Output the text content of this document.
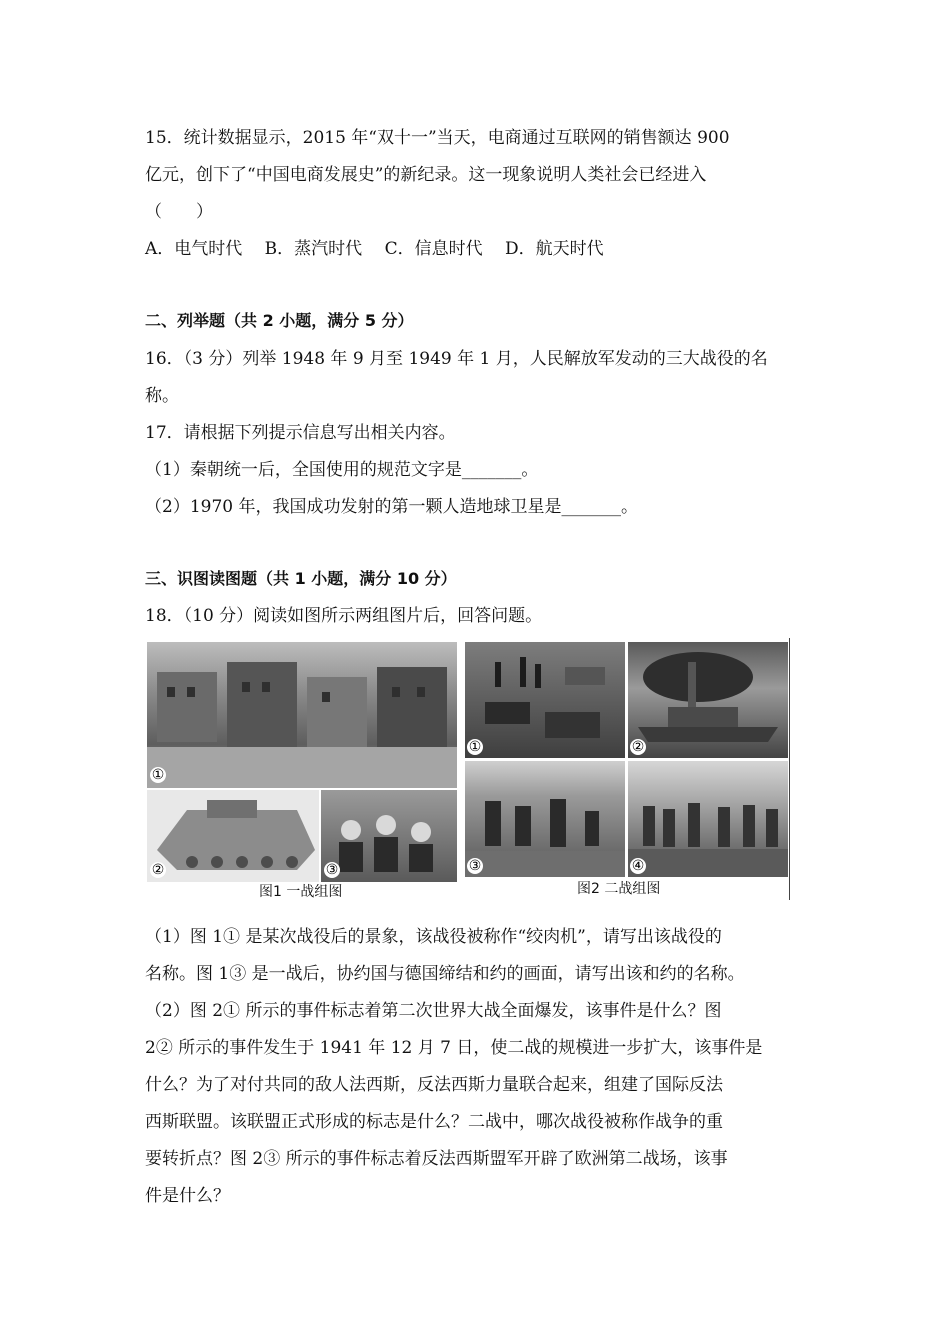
15．统计数据显示，2015 年“双十一”当天，电商通过互联网的销售额达 900
亿元，创下了“中国电商发展史”的新纪录。这一现象说明人类社会已经进入
（　　）
A．电气时代　 B．蒸汽时代　 C．信息时代　 D．航天时代
二、列举题（共 2 小题，满分 5 分）
16．（3 分）列举 1948 年 9 月至 1949 年 1 月，人民解放军发动的三大战役的名
称。
17．请根据下列提示信息写出相关内容。
（1）秦朝统一后，全国使用的规范文字是_______。
（2）1970 年，我国成功发射的第一颗人造地球卫星是_______。
三、识图读图题（共 1 小题，满分 10 分）
18．（10 分）阅读如图所示两组图片后，回答问题。
①
②	③
图1 一战组图
①	②
③	④
图2 二战组图
（1）图 1① 是某次战役后的景象，该战役被称作“绞肉机”，请写出该战役的
名称。图 1③ 是一战后，协约国与德国缔结和约的画面，请写出该和约的名称。
（2）图 2① 所示的事件标志着第二次世界大战全面爆发，该事件是什么？图
2② 所示的事件发生于 1941 年 12 月 7 日，使二战的规模进一步扩大，该事件是
什么？为了对付共同的敌人法西斯，反法西斯力量联合起来，组建了国际反法
西斯联盟。该联盟正式形成的标志是什么？二战中，哪次战役被称作战争的重
要转折点？图 2③ 所示的事件标志着反法西斯盟军开辟了欧洲第二战场，该事
件是什么？
